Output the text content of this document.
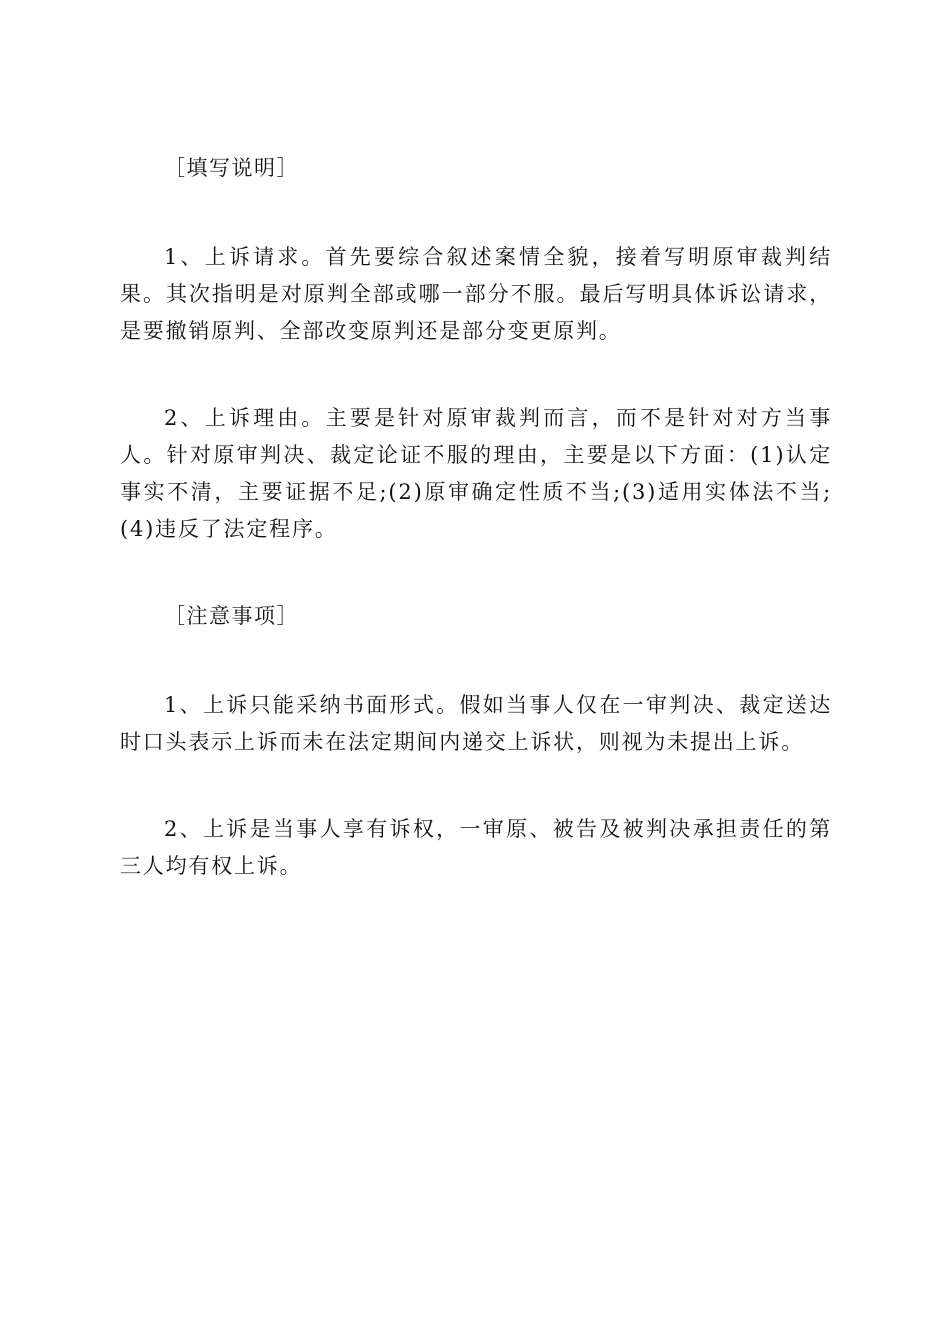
［填写说明］

1、上诉请求。首先要综合叙述案情全貌，接着写明原审裁判结果。其次指明是对原判全部或哪一部分不服。最后写明具体诉讼请求，是要撤销原判、全部改变原判还是部分变更原判。

2、上诉理由。主要是针对原审裁判而言，而不是针对对方当事人。针对原审判决、裁定论证不服的理由，主要是以下方面：(1)认定事实不清，主要证据不足;(2)原审确定性质不当;(3)适用实体法不当;(4)违反了法定程序。

［注意事项］

1、上诉只能采纳书面形式。假如当事人仅在一审判决、裁定送达时口头表示上诉而未在法定期间内递交上诉状，则视为未提出上诉。

2、上诉是当事人享有诉权，一审原、被告及被判决承担责任的第三人均有权上诉。
